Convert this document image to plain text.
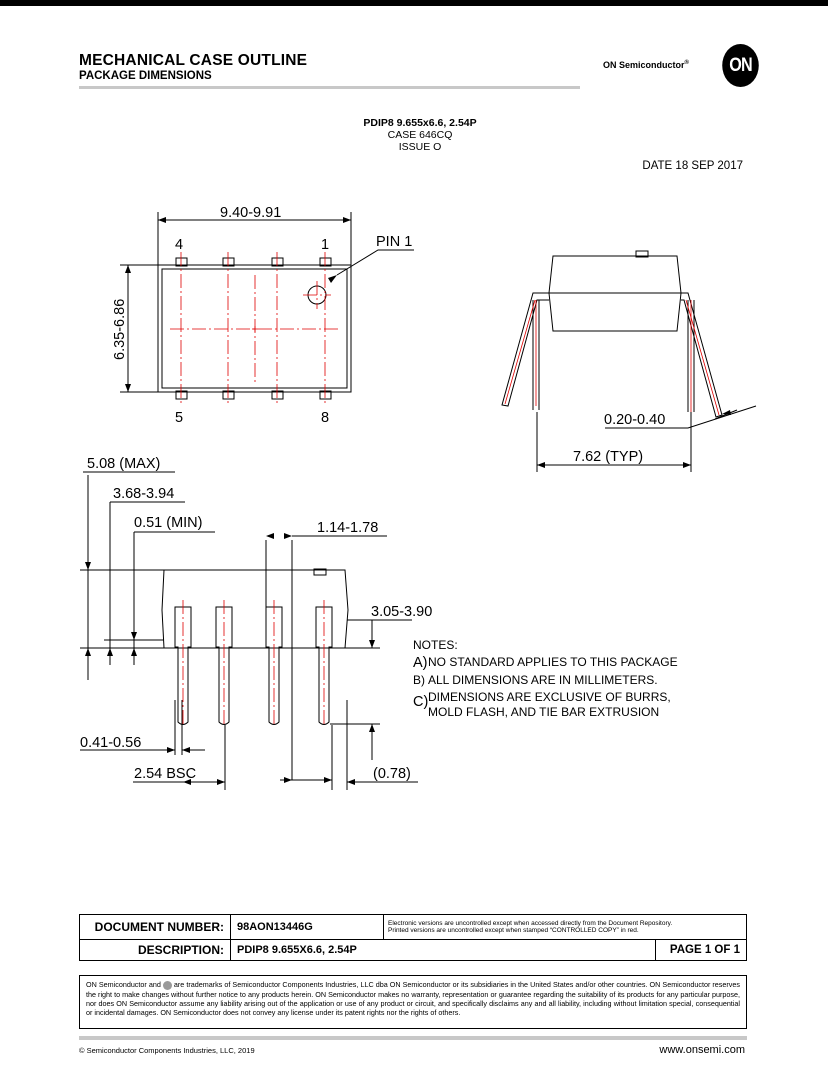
MECHANICAL CASE OUTLINE
PACKAGE DIMENSIONS
ON Semiconductor®	ON
PDIP8 9.655x6.6, 2.54P
CASE 646CQ
ISSUE O
DATE 18 SEP 2017
9.40-9.91
6.35-6.86
PIN 1
4	1
5	8	0.20-0.40
7.62 (TYP)
5.08 (MAX)
3.68-3.94
0.51 (MIN)	1.14-1.78
3.05-3.90
0.41-0.56
2.54 BSC	(0.78)
NOTES:
A) NO STANDARD APPLIES TO THIS PACKAGE
B) ALL DIMENSIONS ARE IN MILLIMETERS.
C) DIMENSIONS ARE EXCLUSIVE OF BURRS,
MOLD FLASH, AND TIE BAR EXTRUSION
DOCUMENT NUMBER:	98AON13446G	Electronic versions are uncontrolled except when accessed directly from the Document Repository.
Printed versions are uncontrolled except when stamped “CONTROLLED COPY” in red.	

DESCRIPTION:	PDIP8 9.655X6.6, 2.54P		PAGE 1 OF 1
ON Semiconductor and are trademarks of Semiconductor Components Industries, LLC dba ON Semiconductor or its subsidiaries in the United States and/or other countries. ON Semiconductor reserves the right to make changes without further notice to any products herein. ON Semiconductor makes no warranty, representation or guarantee regarding the suitability of its products for any particular purpose, nor does ON Semiconductor assume any liability arising out of the application or use of any product or circuit, and specifically disclaims any and all liability, including without limitation special, consequential or incidental damages. ON Semiconductor does not convey any license under its patent rights nor the rights of others.
© Semiconductor Components Industries, LLC, 2019	www.onsemi.com
